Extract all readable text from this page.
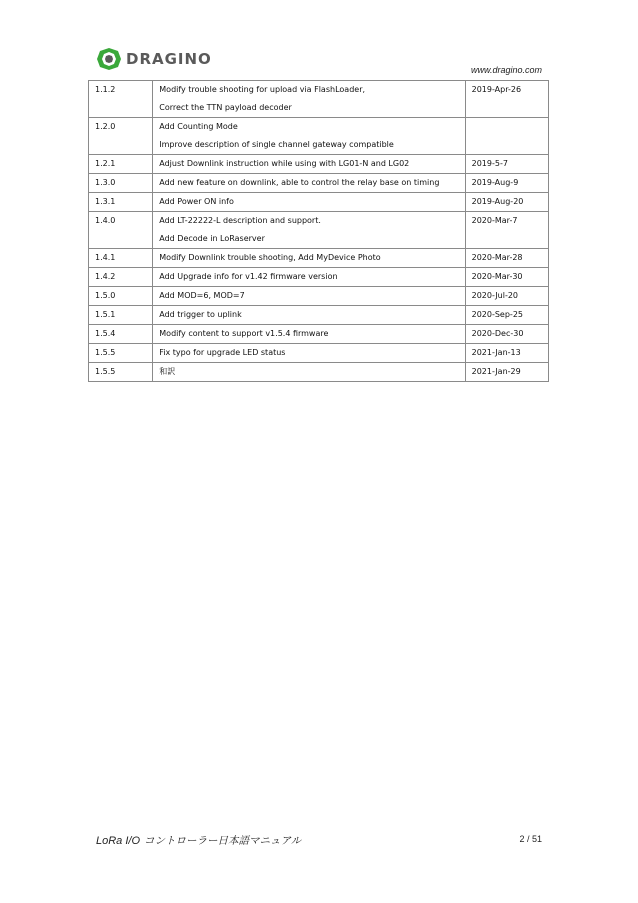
DRAGINO
www.dragino.com
1.1.2	Modify trouble shooting for upload via FlashLoader,
Correct the TTN payload decoder	2019-Apr-26
1.2.0	Add Counting Mode
Improve description of single channel gateway compatible	

1.2.1	Adjust Downlink instruction while using with LG01-N and LG02	2019-5-7
1.3.0	Add new feature on downlink, able to control the relay base on timing	2019-Aug-9
1.3.1	Add Power ON info	2019-Aug-20
1.4.0	Add LT-22222-L description and support.
Add Decode in LoRaserver	2020-Mar-7
1.4.1	Modify Downlink trouble shooting, Add MyDevice Photo	2020-Mar-28
1.4.2	Add Upgrade info for v1.42 firmware version	2020-Mar-30
1.5.0	Add MOD=6, MOD=7	2020-Jul-20
1.5.1	Add trigger to uplink	2020-Sep-25
1.5.4	Modify content to support v1.5.4 firmware	2020-Dec-30
1.5.5	Fix typo for upgrade LED status	2021-Jan-13
1.5.5	和訳	2021-Jan-29
LoRa I/O コントローラー日本語マニュアル	2 / 51
